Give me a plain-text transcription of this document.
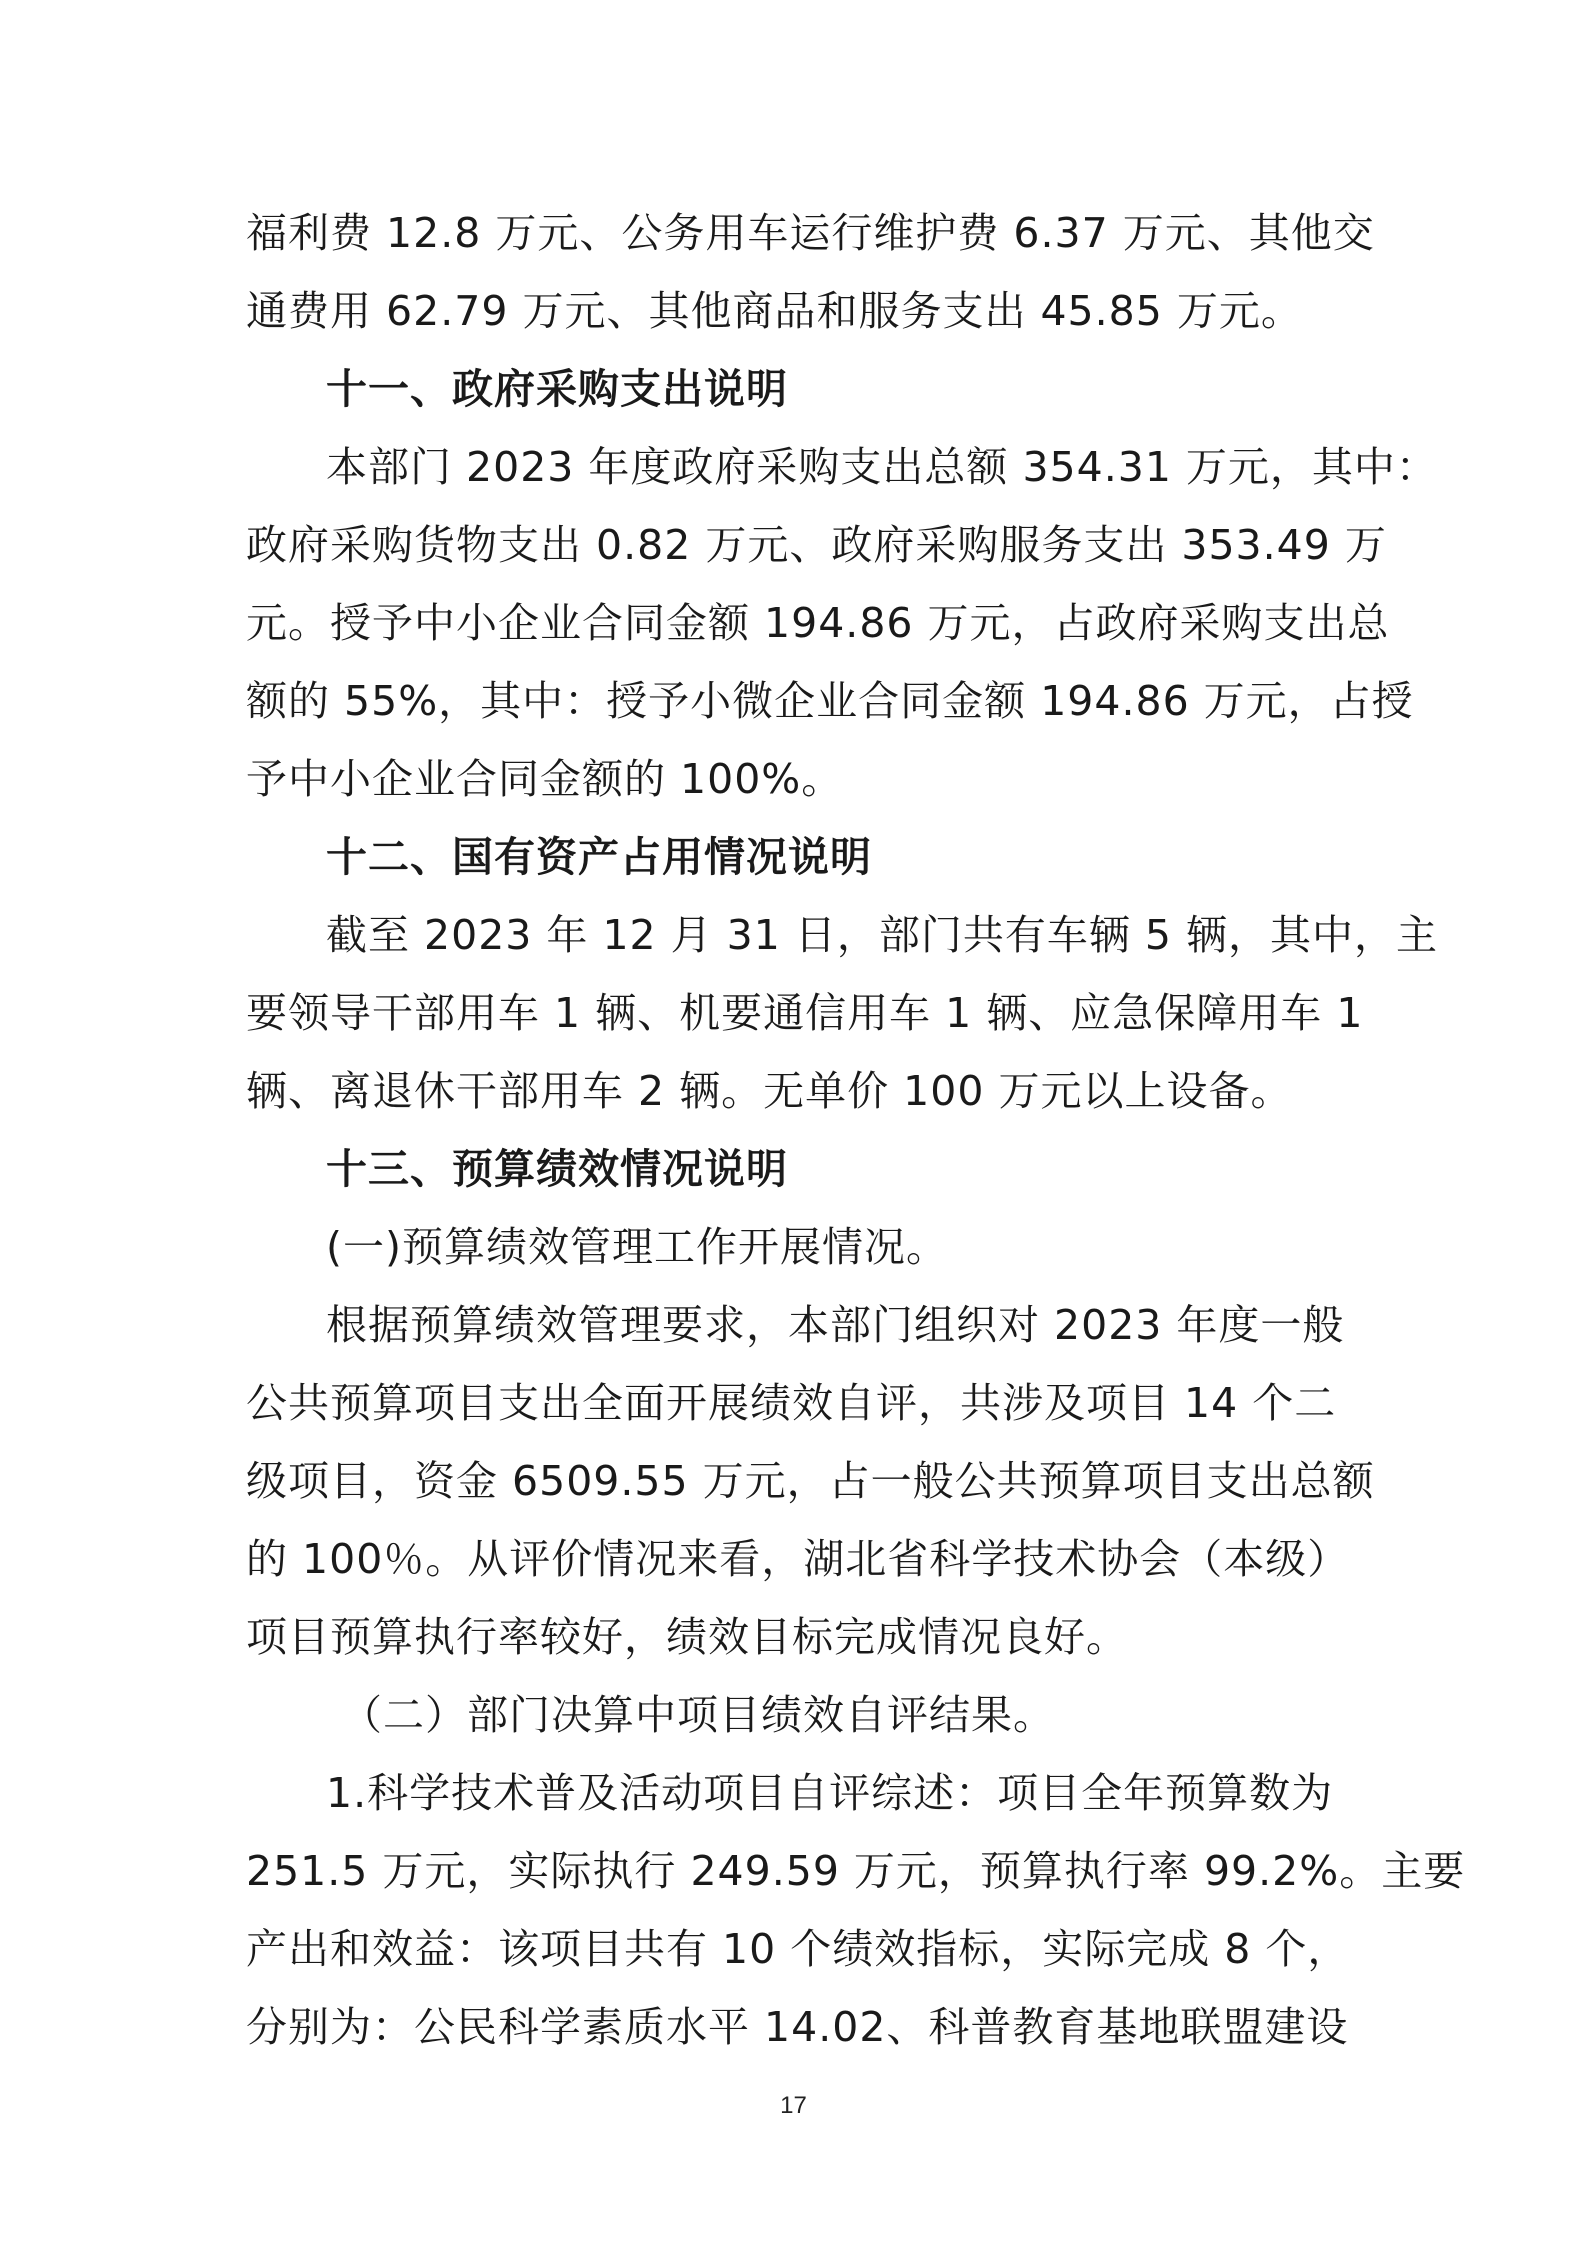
福利费 12.8 万元、公务用车运行维护费 6.37 万元、其他交
通费用 62.79 万元、其他商品和服务支出 45.85 万元。
十一、政府采购支出说明
本部门 2023 年度政府采购支出总额 354.31 万元，其中：
政府采购货物支出 0.82 万元、政府采购服务支出 353.49 万
元。授予中小企业合同金额 194.86 万元，占政府采购支出总
额的 55%，其中：授予小微企业合同金额 194.86 万元，占授
予中小企业合同金额的 100%。
十二、国有资产占用情况说明
截至 2023 年 12 月 31 日，部门共有车辆 5 辆，其中，主
要领导干部用车 1 辆、机要通信用车 1 辆、应急保障用车 1
辆、离退休干部用车 2 辆。无单价 100 万元以上设备。
十三、预算绩效情况说明
(一)预算绩效管理工作开展情况。
根据预算绩效管理要求，本部门组织对 2023 年度一般
公共预算项目支出全面开展绩效自评，共涉及项目 14 个二
级项目，资金 6509.55 万元，占一般公共预算项目支出总额
的 100％。从评价情况来看，湖北省科学技术协会（本级）
项目预算执行率较好，绩效目标完成情况良好。
（二）部门决算中项目绩效自评结果。
1.科学技术普及活动项目自评综述：项目全年预算数为
251.5 万元，实际执行 249.59 万元，预算执行率 99.2%。主要
产出和效益：该项目共有 10 个绩效指标，实际完成 8 个，
分别为：公民科学素质水平 14.02、科普教育基地联盟建设
17
